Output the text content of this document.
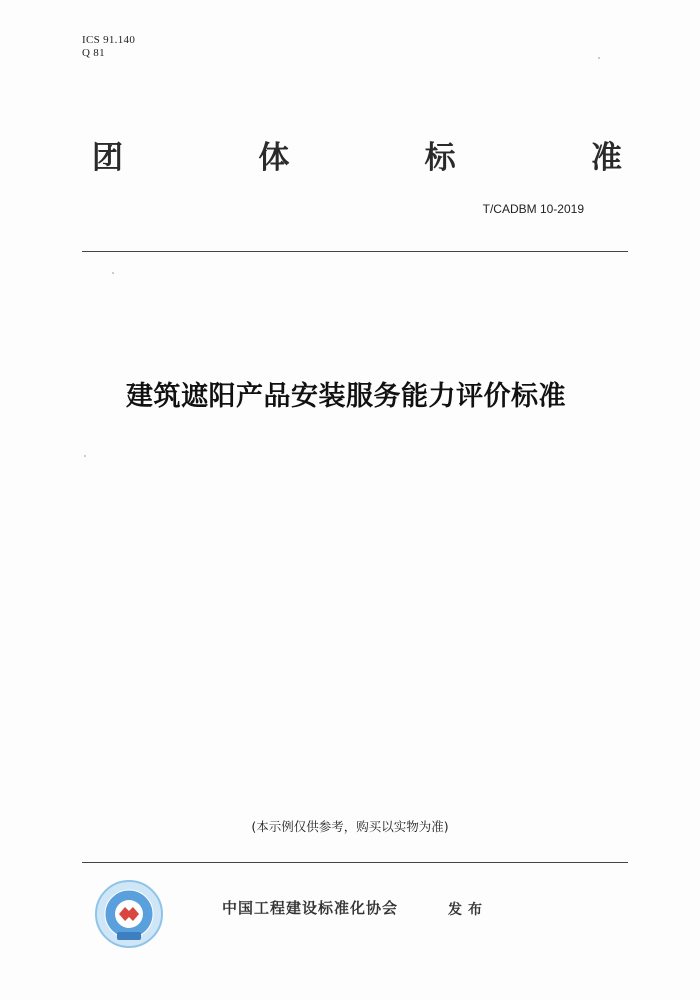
ICS 91.140
Q 81
团	体	标	准
T/CADBM 10-2019
建筑遮阳产品安装服务能力评价标准
(本示例仅供参考，购买以实物为准)
中国工程建设标准化协会	发布
